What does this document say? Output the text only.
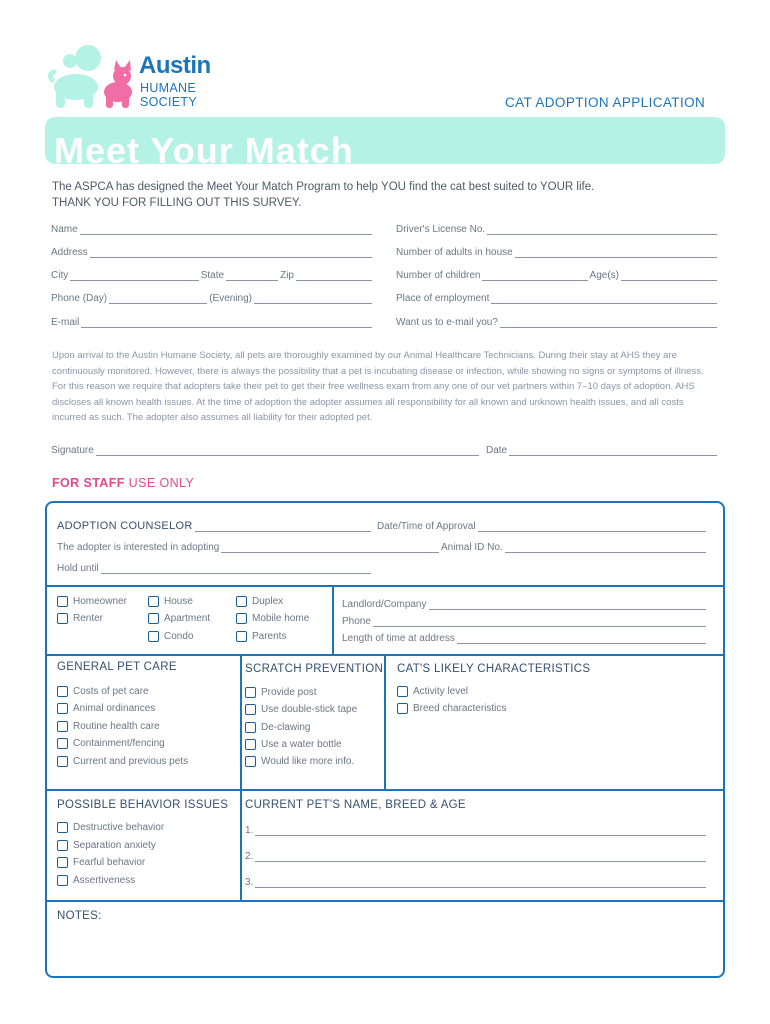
Austin
HUMANE
SOCIETY	CAT ADOPTION APPLICATION
Meet Your Match
The ASPCA has designed the Meet Your Match Program to help YOU find the cat best suited to YOUR life.
THANK YOU FOR FILLING OUT THIS SURVEY.
Name
Address
City	State	Zip
Phone (Day)	(Evening)
E-mail
Driver's License No.
Number of adults in house
Number of children	Age(s)
Place of employment
Want us to e-mail you?
Upon arrival to the Austin Humane Society, all pets are thoroughly examined by our Animal Healthcare Technicians. During their stay at AHS they are continuously monitored. However, there is always the possibility that a pet is incubating disease or infection, while showing no signs or symptoms of illness. For this reason we require that adopters take their pet to get their free wellness exam from any one of our vet partners within 7–10 days of adoption. AHS discloses all known health issues. At the time of adoption the adopter assumes all responsibility for all known and unknown health issues, and all costs incurred as such. The adopter also assumes all liability for their adopted pet.
Signature	Date
FOR STAFF USE ONLY
ADOPTION COUNSELOR	Date/Time of Approval
The adopter is interested in adopting	Animal ID No.
Hold until
Homeowner
Renter
House
Apartment
Condo
Duplex
Mobile home
Parents
Landlord/Company
Phone
Length of time at address
GENERAL PET CARE
Costs of pet care
Animal ordinances
Routine health care
Containment/fencing
Current and previous pets
SCRATCH PREVENTION
Provide post
Use double-stick tape
De-clawing
Use a water bottle
Would like more info.
CAT'S LIKELY CHARACTERISTICS
Activity level
Breed characteristics
POSSIBLE BEHAVIOR ISSUES
Destructive behavior
Separation anxiety
Fearful behavior
Assertiveness
CURRENT PET'S NAME, BREED & AGE
1.
2.
3.
NOTES:
